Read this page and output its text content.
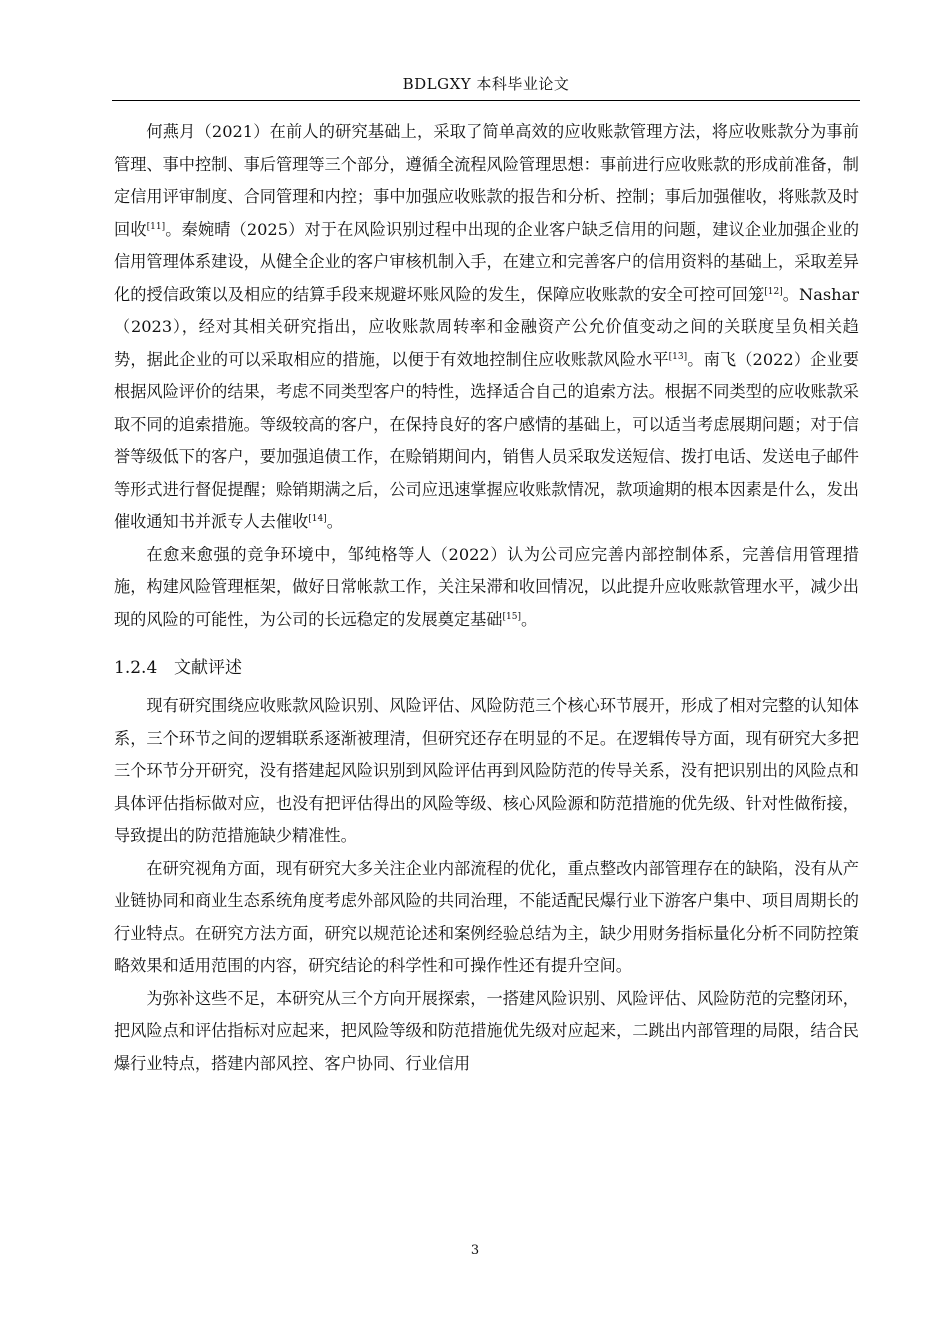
BDLGXY 本科毕业论文

何燕月（2021）在前人的研究基础上，采取了简单高效的应收账款管理方法，将应收账款分为事前管理、事中控制、事后管理等三个部分，遵循全流程风险管理思想：事前进行应收账款的形成前准备，制定信用评审制度、合同管理和内控；事中加强应收账款的报告和分析、控制；事后加强催收，将账款及时回收[11]。秦婉晴（2025）对于在风险识别过程中出现的企业客户缺乏信用的问题，建议企业加强企业的信用管理体系建设，从健全企业的客户审核机制入手，在建立和完善客户的信用资料的基础上，采取差异化的授信政策以及相应的结算手段来规避坏账风险的发生，保障应收账款的安全可控可回笼[12]。Nashar（2023），经对其相关研究指出，应收账款周转率和金融资产公允价值变动之间的关联度呈负相关趋势，据此企业的可以采取相应的措施，以便于有效地控制住应收账款风险水平[13]。南飞（2022）企业要根据风险评价的结果，考虑不同类型客户的特性，选择适合自己的追索方法。根据不同类型的应收账款采取不同的追索措施。等级较高的客户，在保持良好的客户感情的基础上，可以适当考虑展期问题；对于信誉等级低下的客户，要加强追债工作，在赊销期间内，销售人员采取发送短信、拨打电话、发送电子邮件等形式进行督促提醒；赊销期满之后，公司应迅速掌握应收账款情况，款项逾期的根本因素是什么，发出催收通知书并派专人去催收[14]。

在愈来愈强的竞争环境中，邹纯格等人（2022）认为公司应完善内部控制体系，完善信用管理措施，构建风险管理框架，做好日常帐款工作，关注呆滞和收回情况，以此提升应收账款管理水平，减少出现的风险的可能性，为公司的长远稳定的发展奠定基础[15]。

1.2.4 文献评述

现有研究围绕应收账款风险识别、风险评估、风险防范三个核心环节展开，形成了相对完整的认知体系，三个环节之间的逻辑联系逐渐被理清，但研究还存在明显的不足。在逻辑传导方面，现有研究大多把三个环节分开研究，没有搭建起风险识别到风险评估再到风险防范的传导关系，没有把识别出的风险点和具体评估指标做对应，也没有把评估得出的风险等级、核心风险源和防范措施的优先级、针对性做衔接，导致提出的防范措施缺少精准性。

在研究视角方面，现有研究大多关注企业内部流程的优化，重点整改内部管理存在的缺陷，没有从产业链协同和商业生态系统角度考虑外部风险的共同治理，不能适配民爆行业下游客户集中、项目周期长的行业特点。在研究方法方面，研究以规范论述和案例经验总结为主，缺少用财务指标量化分析不同防控策略效果和适用范围的内容，研究结论的科学性和可操作性还有提升空间。

为弥补这些不足，本研究从三个方向开展探索，一搭建风险识别、风险评估、风险防范的完整闭环，把风险点和评估指标对应起来，把风险等级和防范措施优先级对应起来，二跳出内部管理的局限，结合民爆行业特点，搭建内部风控、客户协同、行业信用

3
